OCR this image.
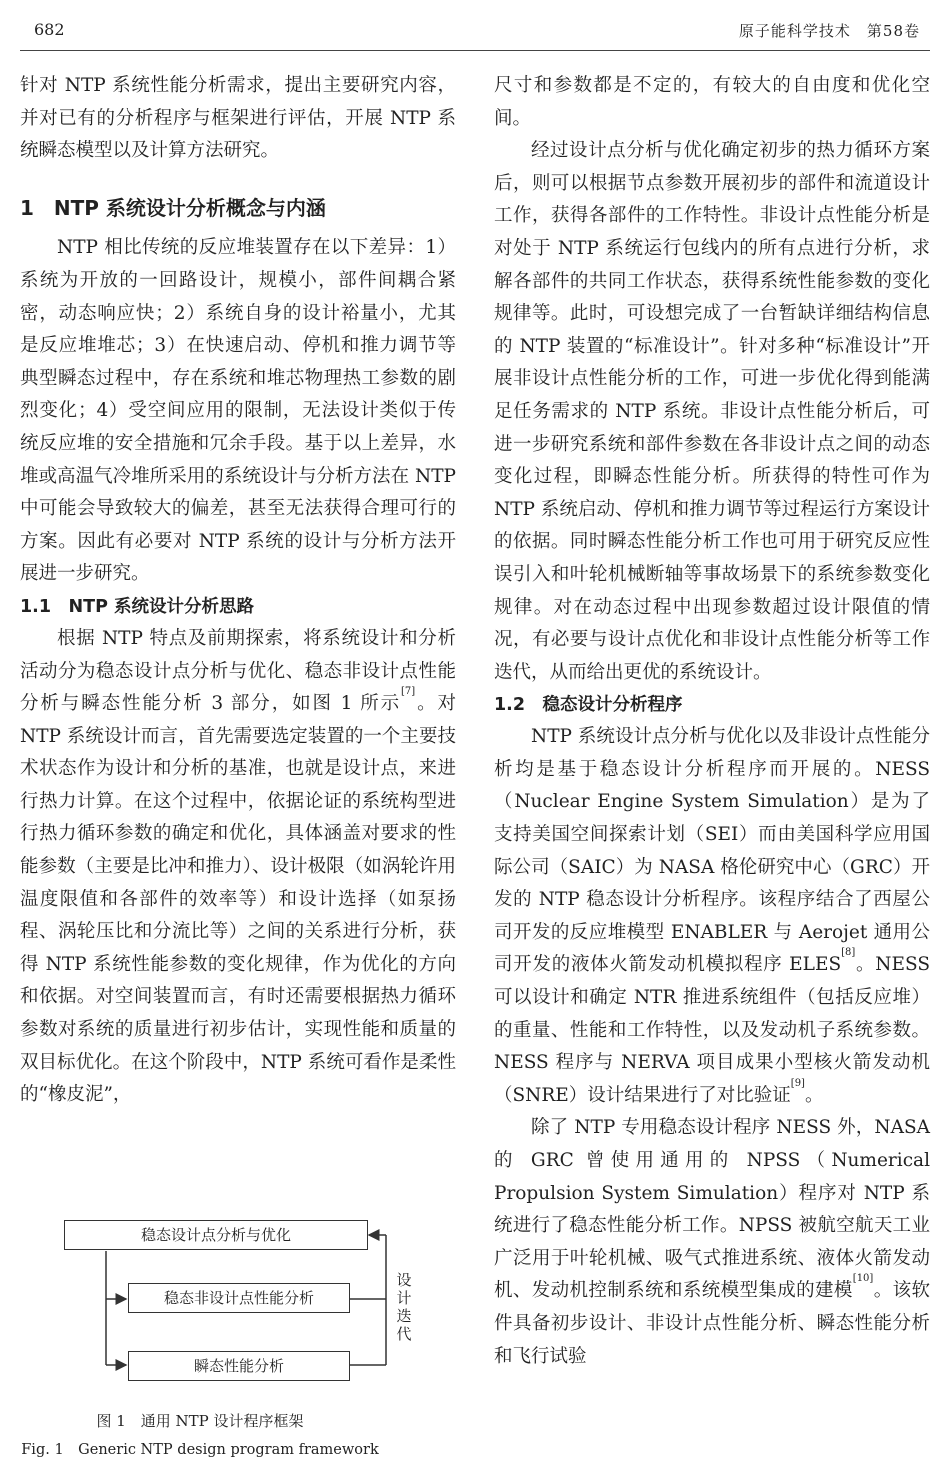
682	原子能科学技术　第58卷

针对 NTP 系统性能分析需求，提出主要研究内容，并对已有的分析程序与框架进行评估，开展 NTP 系统瞬态模型以及计算方法研究。

1　NTP 系统设计分析概念与内涵

NTP 相比传统的反应堆装置存在以下差异：1）系统为开放的一回路设计，规模小，部件间耦合紧密，动态响应快；2）系统自身的设计裕量小，尤其是反应堆堆芯；3）在快速启动、停机和推力调节等典型瞬态过程中，存在系统和堆芯物理热工参数的剧烈变化；4）受空间应用的限制，无法设计类似于传统反应堆的安全措施和冗余手段。基于以上差异，水堆或高温气冷堆所采用的系统设计与分析方法在 NTP 中可能会导致较大的偏差，甚至无法获得合理可行的方案。因此有必要对 NTP 系统的设计与分析方法开展进一步研究。

1.1　NTP 系统设计分析思路

根据 NTP 特点及前期探索，将系统设计和分析活动分为稳态设计点分析与优化、稳态非设计点性能分析与瞬态性能分析 3 部分，如图 1 所示[7]。对 NTP 系统设计而言，首先需要选定装置的一个主要技术状态作为设计和分析的基准，也就是设计点，来进行热力计算。在这个过程中，依据论证的系统构型进行热力循环参数的确定和优化，具体涵盖对要求的性能参数（主要是比冲和推力）、设计极限（如涡轮许用温度限值和各部件的效率等）和设计选择（如泵扬程、涡轮压比和分流比等）之间的关系进行分析，获得 NTP 系统性能参数的变化规律，作为优化的方向和依据。对空间装置而言，有时还需要根据热力循环参数对系统的质量进行初步估计，实现性能和质量的双目标优化。在这个阶段中，NTP 系统可看作是柔性的“橡皮泥”，

稳态设计点分析与优化
稳态非设计点性能分析
瞬态性能分析
设计迭代
图 1　通用 NTP 设计程序框架
Fig. 1　Generic NTP design program framework

尺寸和参数都是不定的，有较大的自由度和优化空间。

经过设计点分析与优化确定初步的热力循环方案后，则可以根据节点参数开展初步的部件和流道设计工作，获得各部件的工作特性。非设计点性能分析是对处于 NTP 系统运行包线内的所有点进行分析，求解各部件的共同工作状态，获得系统性能参数的变化规律等。此时，可设想完成了一台暂缺详细结构信息的 NTP 装置的“标准设计”。针对多种“标准设计”开展非设计点性能分析的工作，可进一步优化得到能满足任务需求的 NTP 系统。非设计点性能分析后，可进一步研究系统和部件参数在各非设计点之间的动态变化过程，即瞬态性能分析。所获得的特性可作为 NTP 系统启动、停机和推力调节等过程运行方案设计的依据。同时瞬态性能分析工作也可用于研究反应性误引入和叶轮机械断轴等事故场景下的系统参数变化规律。对在动态过程中出现参数超过设计限值的情况，有必要与设计点优化和非设计点性能分析等工作迭代，从而给出更优的系统设计。

1.2　稳态设计分析程序

NTP 系统设计点分析与优化以及非设计点性能分析均是基于稳态设计分析程序而开展的。NESS（Nuclear Engine System Simulation）是为了支持美国空间探索计划（SEI）而由美国科学应用国际公司（SAIC）为 NASA 格伦研究中心（GRC）开发的 NTP 稳态设计分析程序。该程序结合了西屋公司开发的反应堆模型 ENABLER 与 Aerojet 通用公司开发的液体火箭发动机模拟程序 ELES[8]。NESS 可以设计和确定 NTR 推进系统组件（包括反应堆）的重量、性能和工作特性，以及发动机子系统参数。NESS 程序与 NERVA 项目成果小型核火箭发动机（SNRE）设计结果进行了对比验证[9]。

除了 NTP 专用稳态设计程序 NESS 外，NASA 的 GRC 曾使用通用的 NPSS（Numerical Propulsion System Simulation）程序对 NTP 系统进行了稳态性能分析工作。NPSS 被航空航天工业广泛用于叶轮机械、吸气式推进系统、液体火箭发动机、发动机控制系统和系统模型集成的建模[10]。该软件具备初步设计、非设计点性能分析、瞬态性能分析和飞行试验
